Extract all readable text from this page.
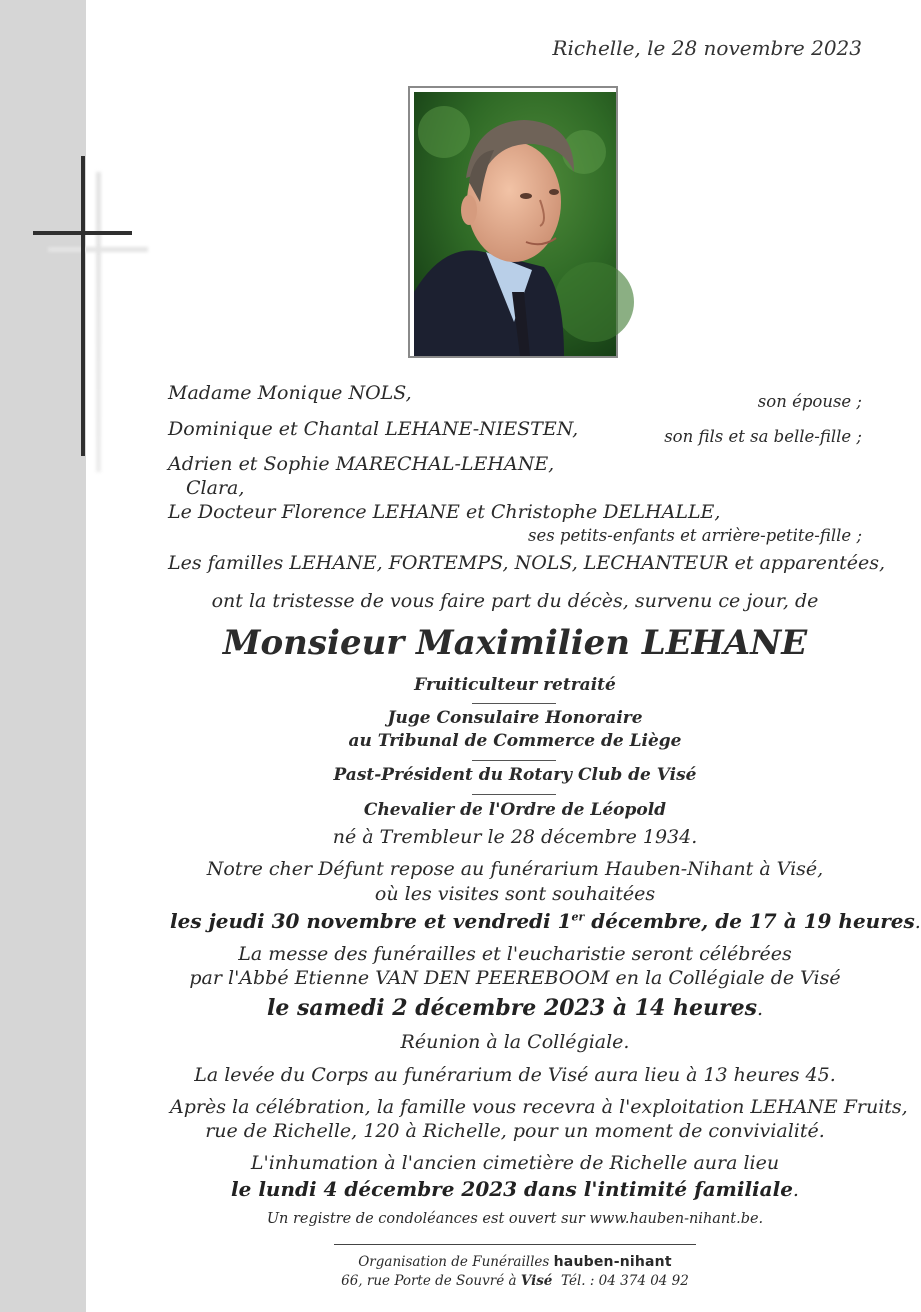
Richelle, le 28 novembre 2023
Madame Monique NOLS,	son épouse ;
Dominique et Chantal LEHANE-NIESTEN,	son fils et sa belle-fille ;
Adrien et Sophie MARECHAL-LEHANE,
Clara,
Le Docteur Florence LEHANE et Christophe DELHALLE,
ses petits-enfants et arrière-petite-fille ;
Les familles LEHANE, FORTEMPS, NOLS, LECHANTEUR et apparentées,
ont la tristesse de vous faire part du décès, survenu ce jour, de
Monsieur Maximilien LEHANE
Fruiticulteur retraité
Juge Consulaire Honoraire
au Tribunal de Commerce de Liège
Past-Président du Rotary Club de Visé
Chevalier de l'Ordre de Léopold
né à Trembleur le 28 décembre 1934.
Notre cher Défunt repose au funérarium Hauben-Nihant à Visé,
où les visites sont souhaitées
les jeudi 30 novembre et vendredi 1er décembre, de 17 à 19 heures.
La messe des funérailles et l'eucharistie seront célébrées
par l'Abbé Etienne VAN DEN PEEREBOOM en la Collégiale de Visé
le samedi 2 décembre 2023 à 14 heures.
Réunion à la Collégiale.
La levée du Corps au funérarium de Visé aura lieu à 13 heures 45.
Après la célébration, la famille vous recevra à l'exploitation LEHANE Fruits,
rue de Richelle, 120 à Richelle, pour un moment de convivialité.
L'inhumation à l'ancien cimetière de Richelle aura lieu
le lundi 4 décembre 2023 dans l'intimité familiale.
Un registre de condoléances est ouvert sur www.hauben-nihant.be.
Organisation de Funérailles hauben-nihant
66, rue Porte de Souvré à Visé Tél. : 04 374 04 92
